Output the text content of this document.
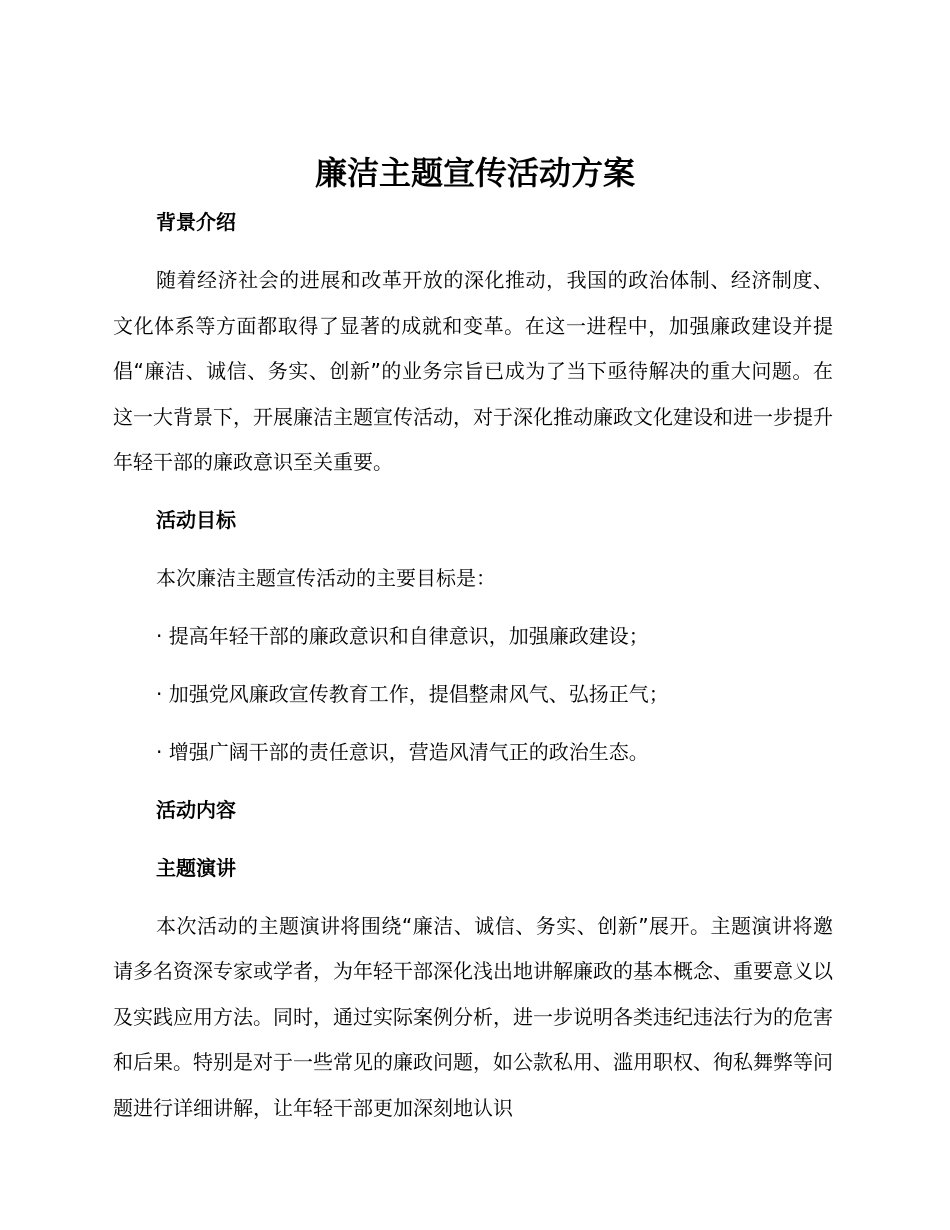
廉洁主题宣传活动方案
背景介绍
随着经济社会的进展和改革开放的深化推动，我国的政治体制、经济制度、文化体系等方面都取得了显著的成就和变革。在这一进程中，加强廉政建设并提倡“廉洁、诚信、务实、创新”的业务宗旨已成为了当下亟待解决的重大问题。在这一大背景下，开展廉洁主题宣传活动，对于深化推动廉政文化建设和进一步提升年轻干部的廉政意识至关重要。
活动目标
本次廉洁主题宣传活动的主要目标是：
· 提高年轻干部的廉政意识和自律意识，加强廉政建设；
· 加强党风廉政宣传教育工作，提倡整肃风气、弘扬正气；
· 增强广阔干部的责任意识，营造风清气正的政治生态。
活动内容
主题演讲
本次活动的主题演讲将围绕“廉洁、诚信、务实、创新”展开。主题演讲将邀请多名资深专家或学者，为年轻干部深化浅出地讲解廉政的基本概念、重要意义以及实践应用方法。同时，通过实际案例分析，进一步说明各类违纪违法行为的危害和后果。特别是对于一些常见的廉政问题，如公款私用、滥用职权、徇私舞弊等问题进行详细讲解，让年轻干部更加深刻地认识
